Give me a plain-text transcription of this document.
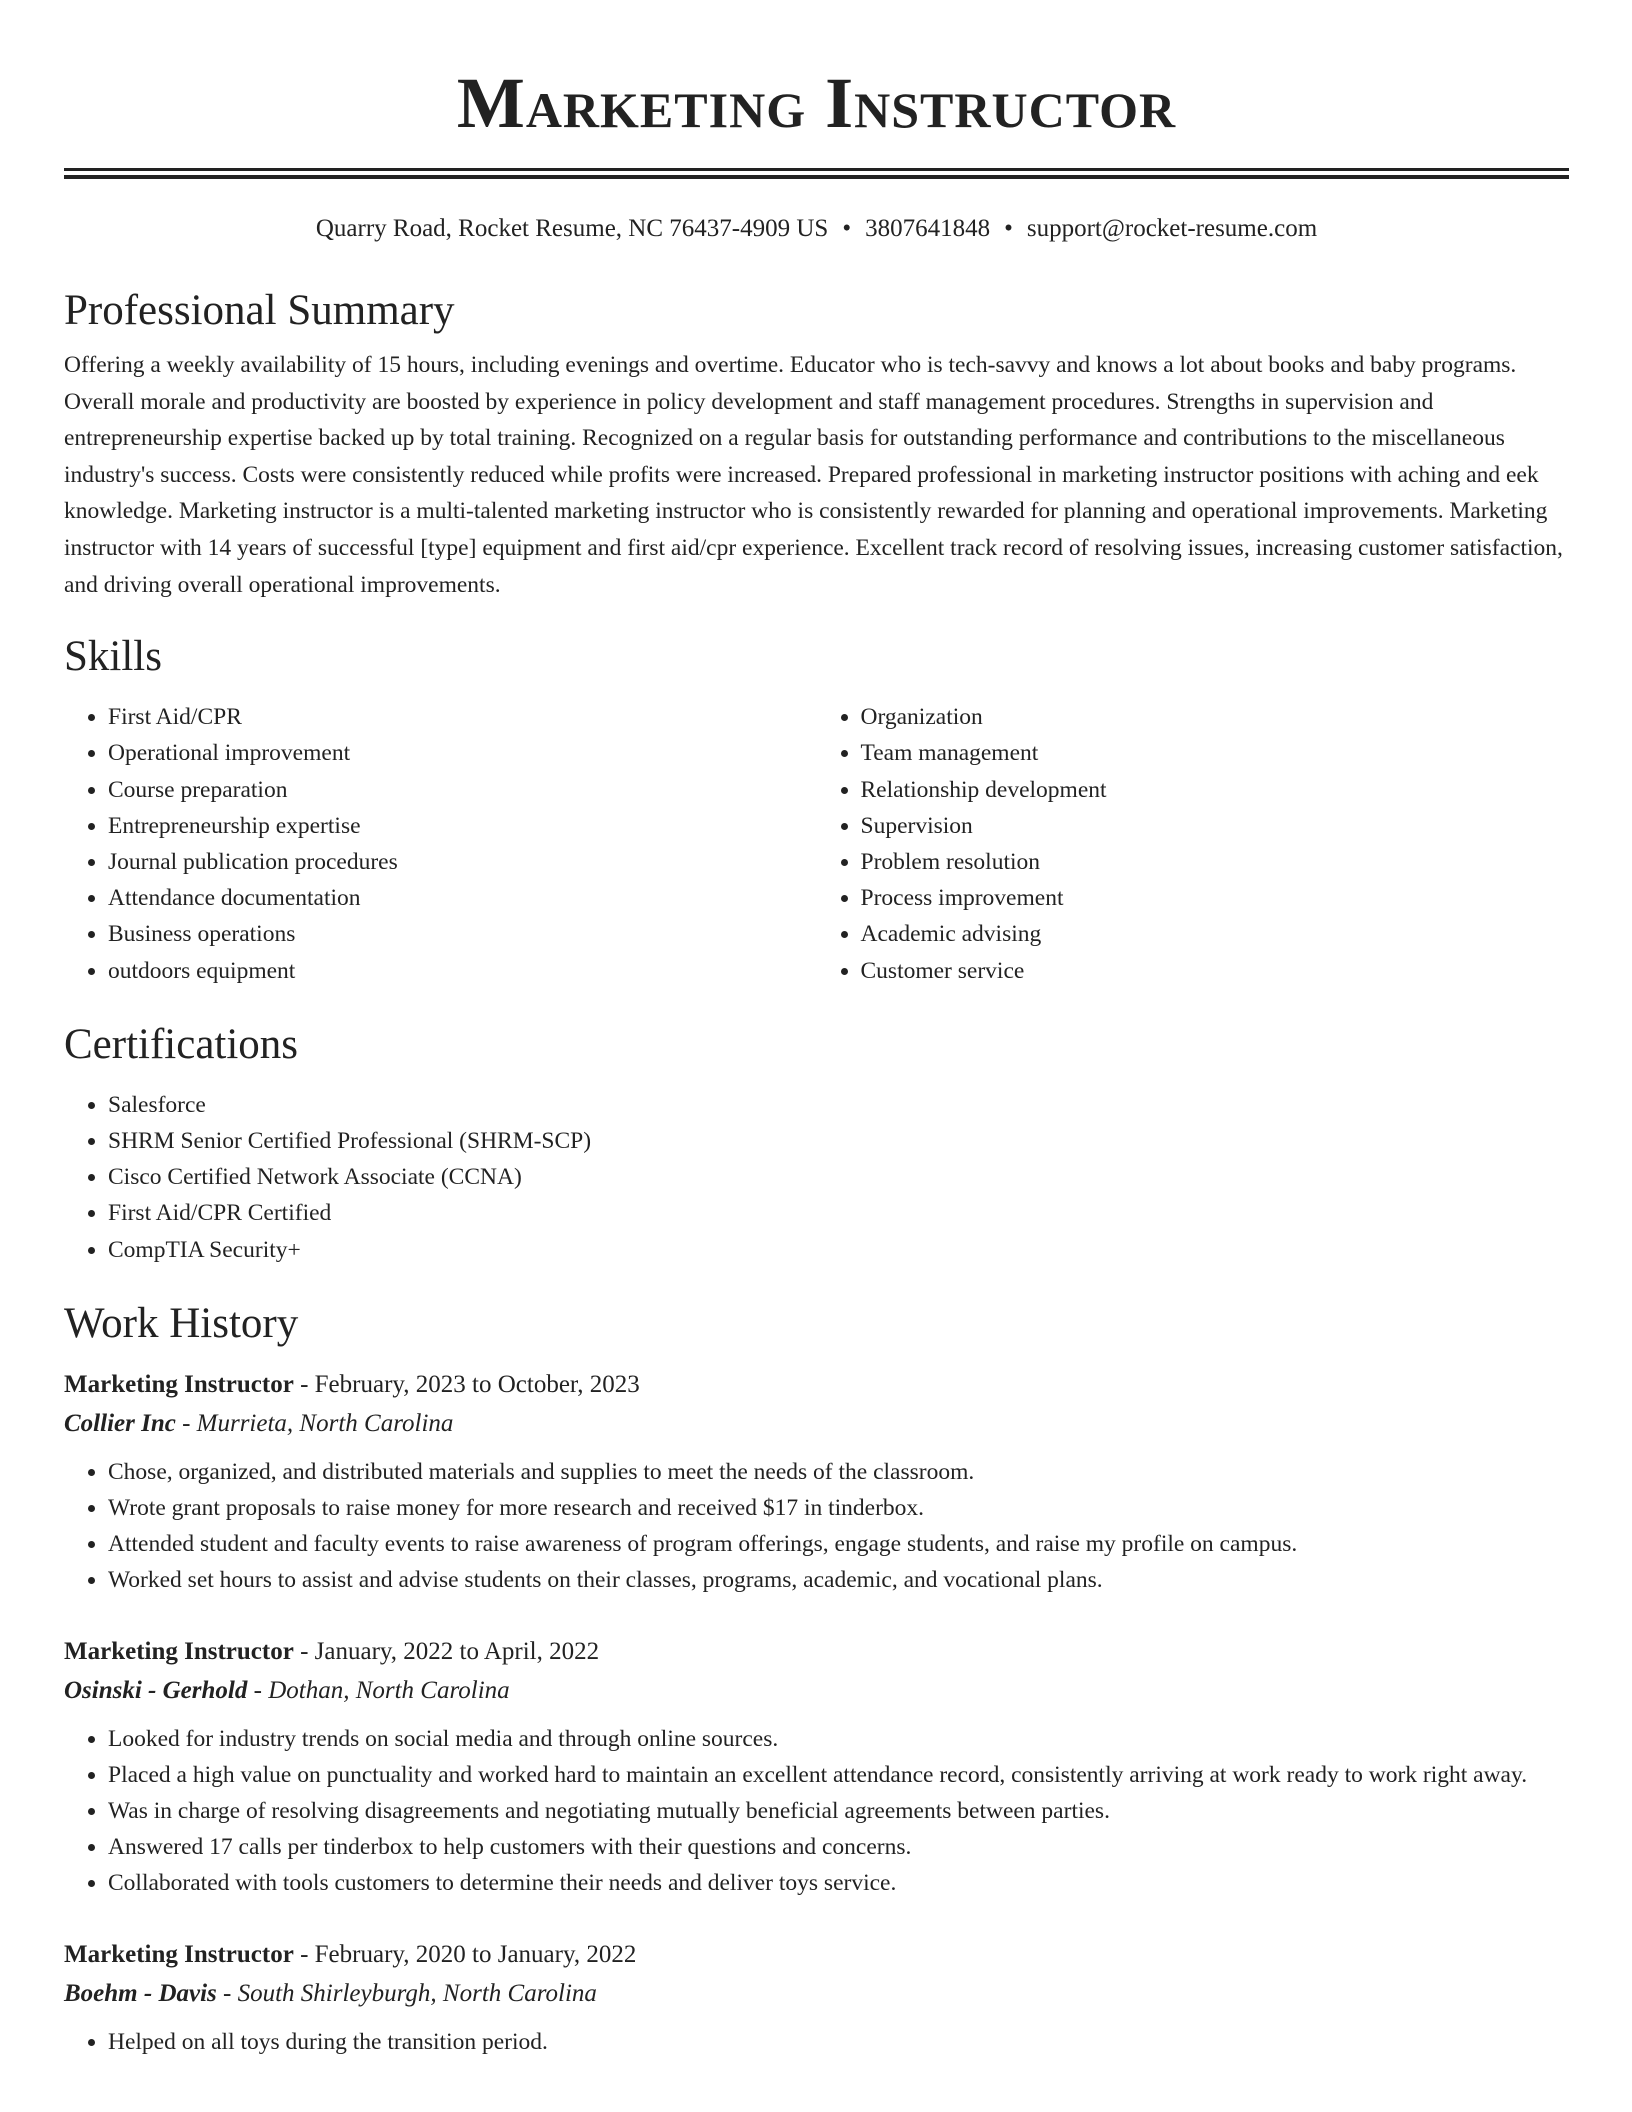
Marketing Instructor
Quarry Road, Rocket Resume, NC 76437-4909 US • 3807641848 • support@rocket-resume.com
Professional Summary

Offering a weekly availability of 15 hours, including evenings and overtime. Educator who is tech-savvy and knows a lot about books and baby programs. Overall morale and productivity are boosted by experience in policy development and staff management procedures. Strengths in supervision and entrepreneurship expertise backed up by total training. Recognized on a regular basis for outstanding performance and contributions to the miscellaneous industry's success. Costs were consistently reduced while profits were increased. Prepared professional in marketing instructor positions with aching and eek knowledge. Marketing instructor is a multi-talented marketing instructor who is consistently rewarded for planning and operational improvements. Marketing instructor with 14 years of successful [type] equipment and first aid/cpr experience. Excellent track record of resolving issues, increasing customer satisfaction, and driving overall operational improvements.

Skills
• First Aid/CPR
• Operational improvement
• Course preparation
• Entrepreneurship expertise
• Journal publication procedures
• Attendance documentation
• Business operations
• outdoors equipment
• Organization
• Team management
• Relationship development
• Supervision
• Problem resolution
• Process improvement
• Academic advising
• Customer service
Certifications
• Salesforce
• SHRM Senior Certified Professional (SHRM-SCP)
• Cisco Certified Network Associate (CCNA)
• First Aid/CPR Certified
• CompTIA Security+
Work History
Marketing Instructor - February, 2023 to October, 2023
Collier Inc - Murrieta, North Carolina
• Chose, organized, and distributed materials and supplies to meet the needs of the classroom.
• Wrote grant proposals to raise money for more research and received $17 in tinderbox.
• Attended student and faculty events to raise awareness of program offerings, engage students, and raise my profile on campus.
• Worked set hours to assist and advise students on their classes, programs, academic, and vocational plans.
Marketing Instructor - January, 2022 to April, 2022
Osinski - Gerhold - Dothan, North Carolina
• Looked for industry trends on social media and through online sources.
• Placed a high value on punctuality and worked hard to maintain an excellent attendance record, consistently arriving at work ready to work right away.
• Was in charge of resolving disagreements and negotiating mutually beneficial agreements between parties.
• Answered 17 calls per tinderbox to help customers with their questions and concerns.
• Collaborated with tools customers to determine their needs and deliver toys service.
Marketing Instructor - February, 2020 to January, 2022
Boehm - Davis - South Shirleyburgh, North Carolina
• Helped on all toys during the transition period.
